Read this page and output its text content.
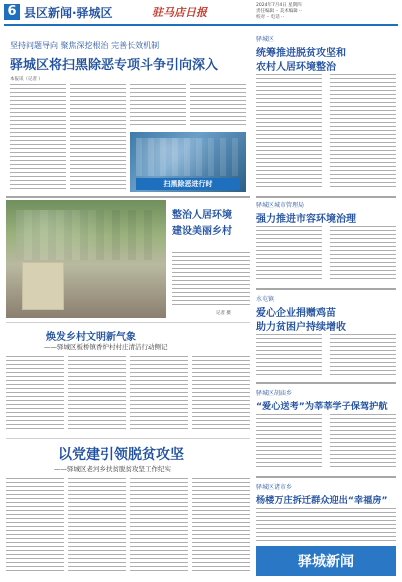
6 县区新闻·驿城区	驻马店日报
2024年7月4日 星期四
责任编辑 ·· 美术编辑 ··
校对 ·· 电话 ··
坚持问题导向 聚焦深挖根治 完善长效机制
驿城区将扫黑除恶专项斗争引向深入
本报讯（记者 ）
扫黑除恶进行时
驿城区
统筹推进脱贫攻坚和
农村人居环境整治
整治人居环境
建设美丽乡村
记者 摄
驿城区城市管理局
强力推进市容环境治理
水屯镇
爱心企业捐赠鸡苗
助力贫困户持续增收
焕发乡村文明新气象
——驿城区板桥镇香炉村村庄清洁行动侧记
以党建引领脱贫攻坚
——驿城区老河乡扶贫脱贫攻坚工作纪实
驿城区胡庙乡
“爱心送考”为莘莘学子保驾护航
驿城区诸市乡
杨楼万庄拆迁群众迎出“幸福房”
驿城新闻
